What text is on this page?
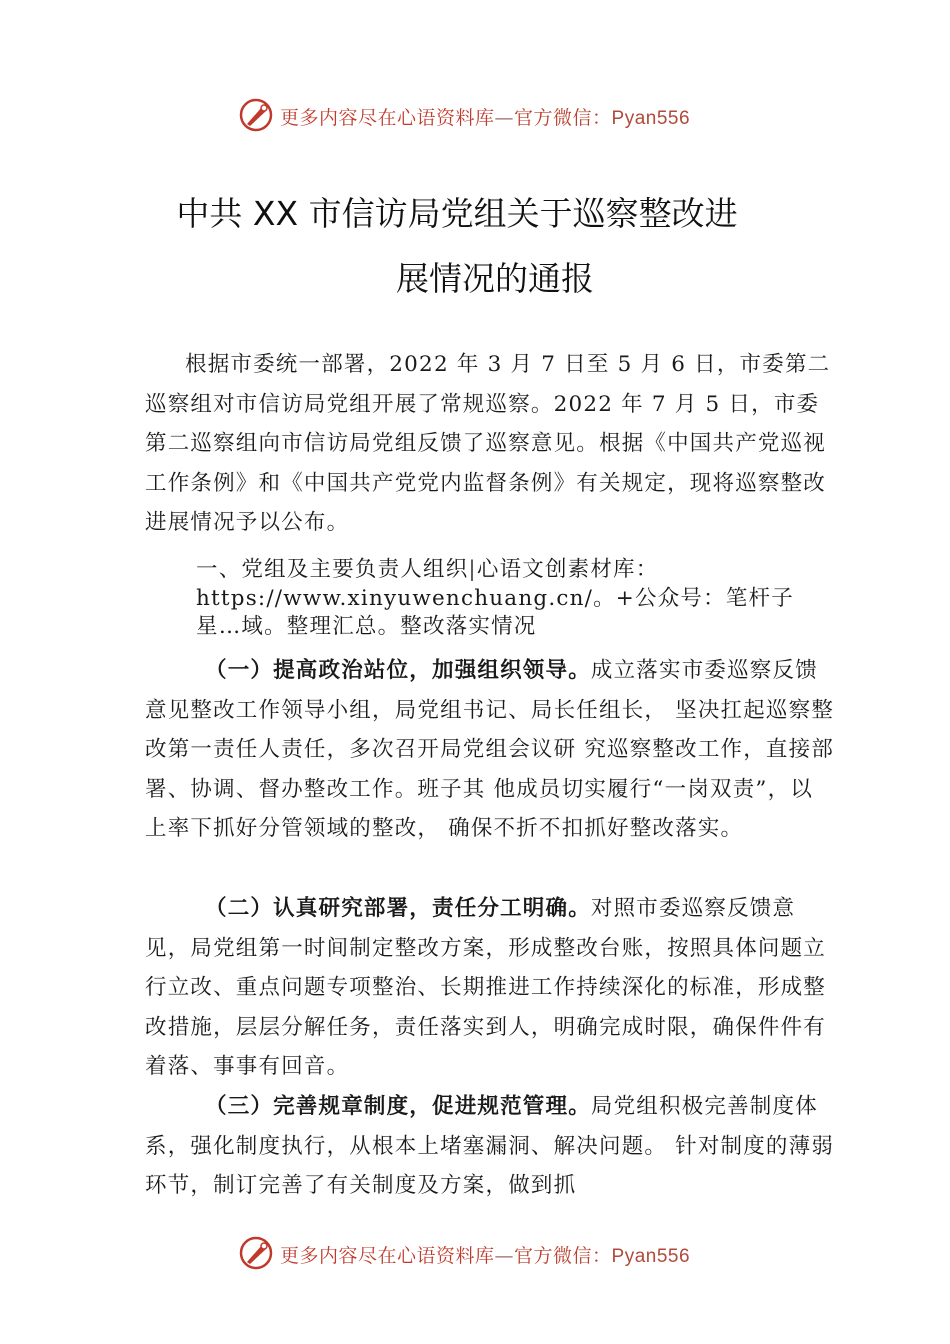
更多内容尽在心语资料库—官方微信：Pyan556
中共 XX 市信访局党组关于巡察整改进
展情况的通报
根据市委统一部署，2022 年 3 月 7 日至 5 月 6 日，市委第二巡察组对市信访局党组开展了常规巡察。2022 年 7 月 5 日，市委第二巡察组向市信访局党组反馈了巡察意见。根据《中国共产党巡视工作条例》和《中国共产党党内监督条例》有关规定，现将巡察整改进展情况予以公布。
一、党组及主要负责人组织|心语文创素材库：https://www.xinyuwenchuang.cn/。+公众号：笔杆子星…域。整理汇总。整改落实情况
（一）提高政治站位，加强组织领导。成立落实市委巡察反馈意见整改工作领导小组，局党组书记、局长任组长， 坚决扛起巡察整改第一责任人责任，多次召开局党组会议研 究巡察整改工作，直接部署、协调、督办整改工作。班子其 他成员切实履行“一岗双责”，以上率下抓好分管领域的整改， 确保不折不扣抓好整改落实。
（二）认真研究部署，责任分工明确。对照市委巡察反馈意见，局党组第一时间制定整改方案，形成整改台账，按照具体问题立行立改、重点问题专项整治、长期推进工作持续深化的标准，形成整改措施，层层分解任务，责任落实到人，明确完成时限，确保件件有着落、事事有回音。
（三）完善规章制度，促进规范管理。局党组积极完善制度体系，强化制度执行，从根本上堵塞漏洞、解决问题。 针对制度的薄弱环节，制订完善了有关制度及方案，做到抓
更多内容尽在心语资料库—官方微信：Pyan556
